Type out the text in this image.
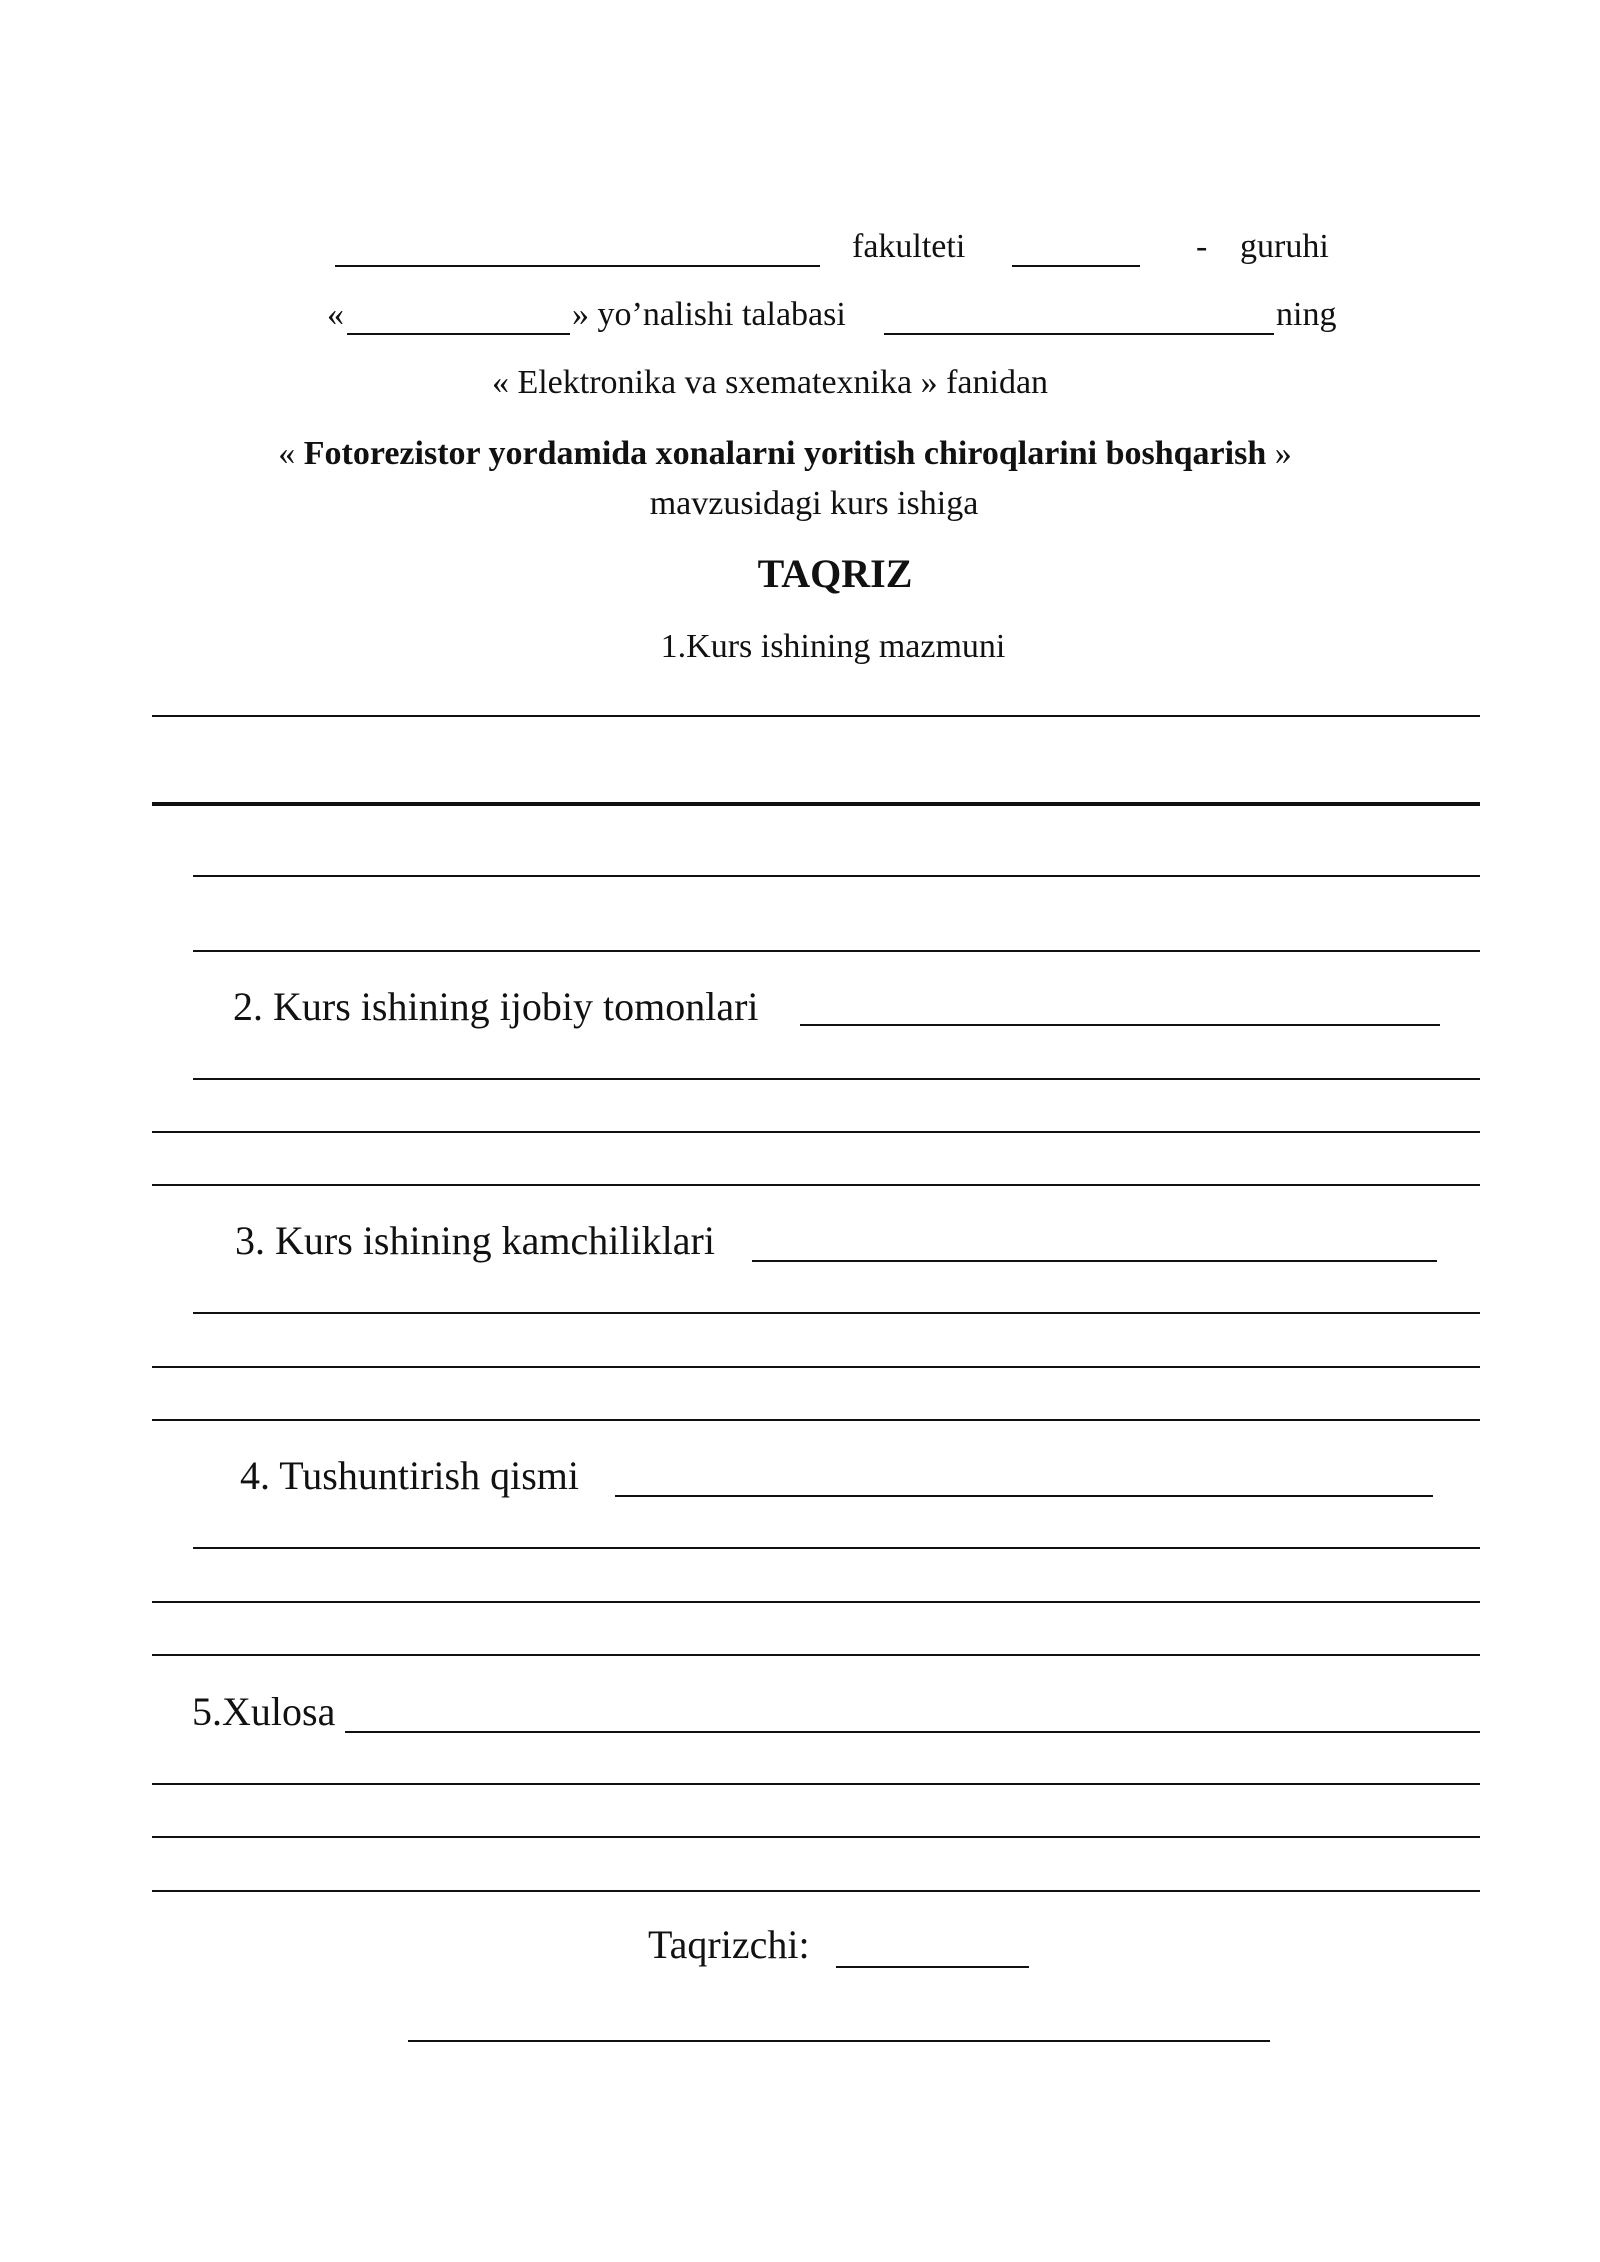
fakulteti	- guruhi
«	» yo’nalishi talabasi	ning
« Elektronika va sxematexnika » fanidan
« Fotorezistor yordamida xonalarni yoritish chiroqlarini boshqarish »
mavzusidagi kurs ishiga
TAQRIZ
1.Kurs ishining mazmuni
2. Kurs ishining ijobiy tomonlari
3. Kurs ishining kamchiliklari
4. Tushuntirish qismi
5.Xulosa
Taqrizchi:
